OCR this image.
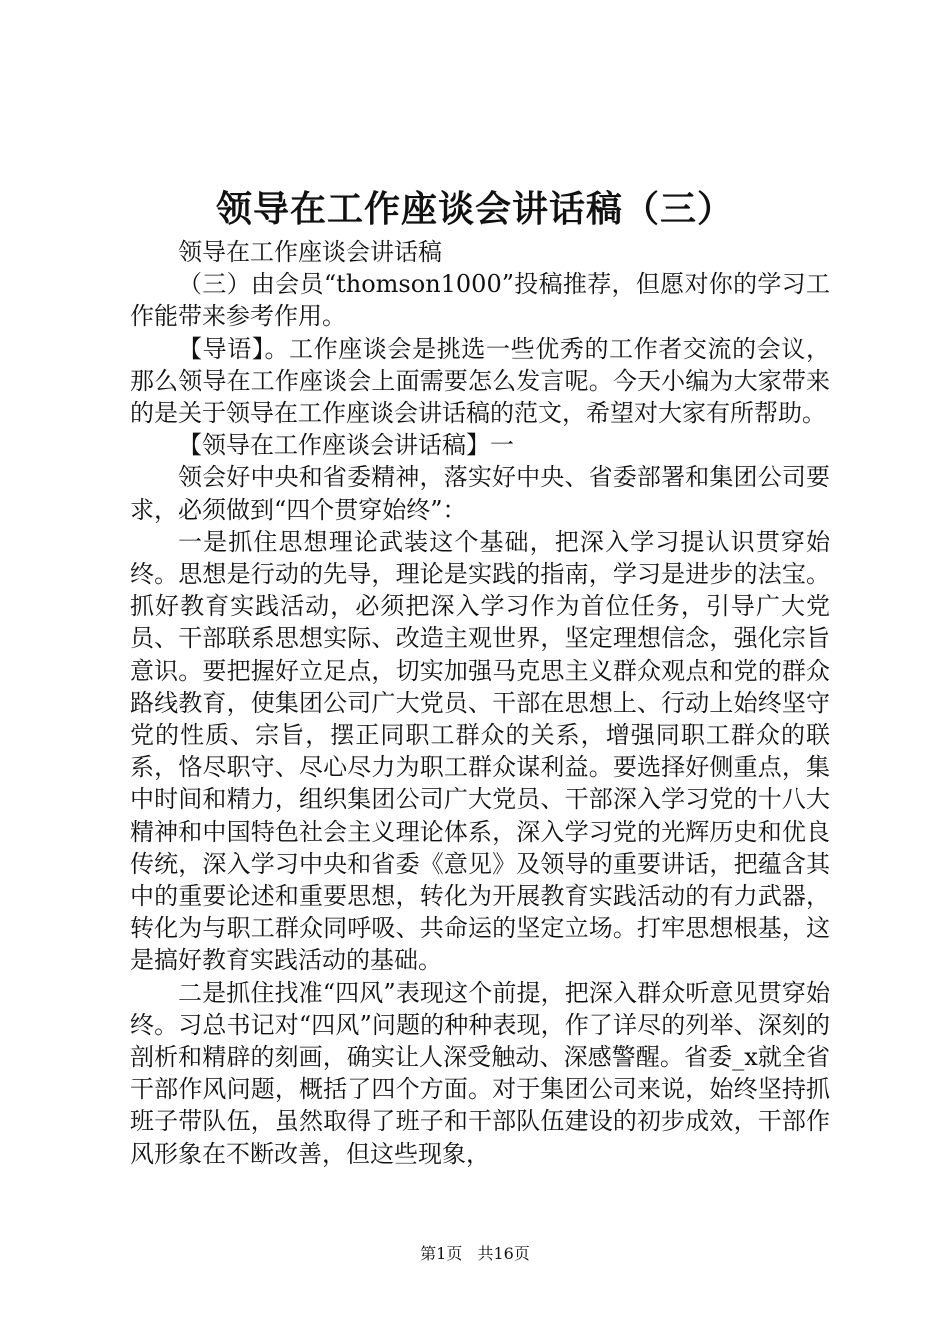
领导在工作座谈会讲话稿（三）

领导在工作座谈会讲话稿

（三）由会员“thomson1000”投稿推荐，但愿对你的学习工作能带来参考作用。

【导语】。工作座谈会是挑选一些优秀的工作者交流的会议，那么领导在工作座谈会上面需要怎么发言呢。今天小编为大家带来的是关于领导在工作座谈会讲话稿的范文，希望对大家有所帮助。

【领导在工作座谈会讲话稿】一

领会好中央和省委精神，落实好中央、省委部署和集团公司要求，必须做到“四个贯穿始终”：

一是抓住思想理论武装这个基础，把深入学习提认识贯穿始终。思想是行动的先导，理论是实践的指南，学习是进步的法宝。抓好教育实践活动，必须把深入学习作为首位任务，引导广大党员、干部联系思想实际、改造主观世界，坚定理想信念，强化宗旨意识。要把握好立足点，切实加强马克思主义群众观点和党的群众路线教育，使集团公司广大党员、干部在思想上、行动上始终坚守党的性质、宗旨，摆正同职工群众的关系，增强同职工群众的联系，恪尽职守、尽心尽力为职工群众谋利益。要选择好侧重点，集中时间和精力，组织集团公司广大党员、干部深入学习党的十八大精神和中国特色社会主义理论体系，深入学习党的光辉历史和优良传统，深入学习中央和省委《意见》及领导的重要讲话，把蕴含其中的重要论述和重要思想，转化为开展教育实践活动的有力武器，转化为与职工群众同呼吸、共命运的坚定立场。打牢思想根基，这是搞好教育实践活动的基础。

二是抓住找准“四风”表现这个前提，把深入群众听意见贯穿始终。习总书记对“四风”问题的种种表现，作了详尽的列举、深刻的剖析和精辟的刻画，确实让人深受触动、深感警醒。省委_x就全省干部作风问题，概括了四个方面。对于集团公司来说，始终坚持抓班子带队伍，虽然取得了班子和干部队伍建设的初步成效，干部作风形象在不断改善，但这些现象，

第1页 共16页
